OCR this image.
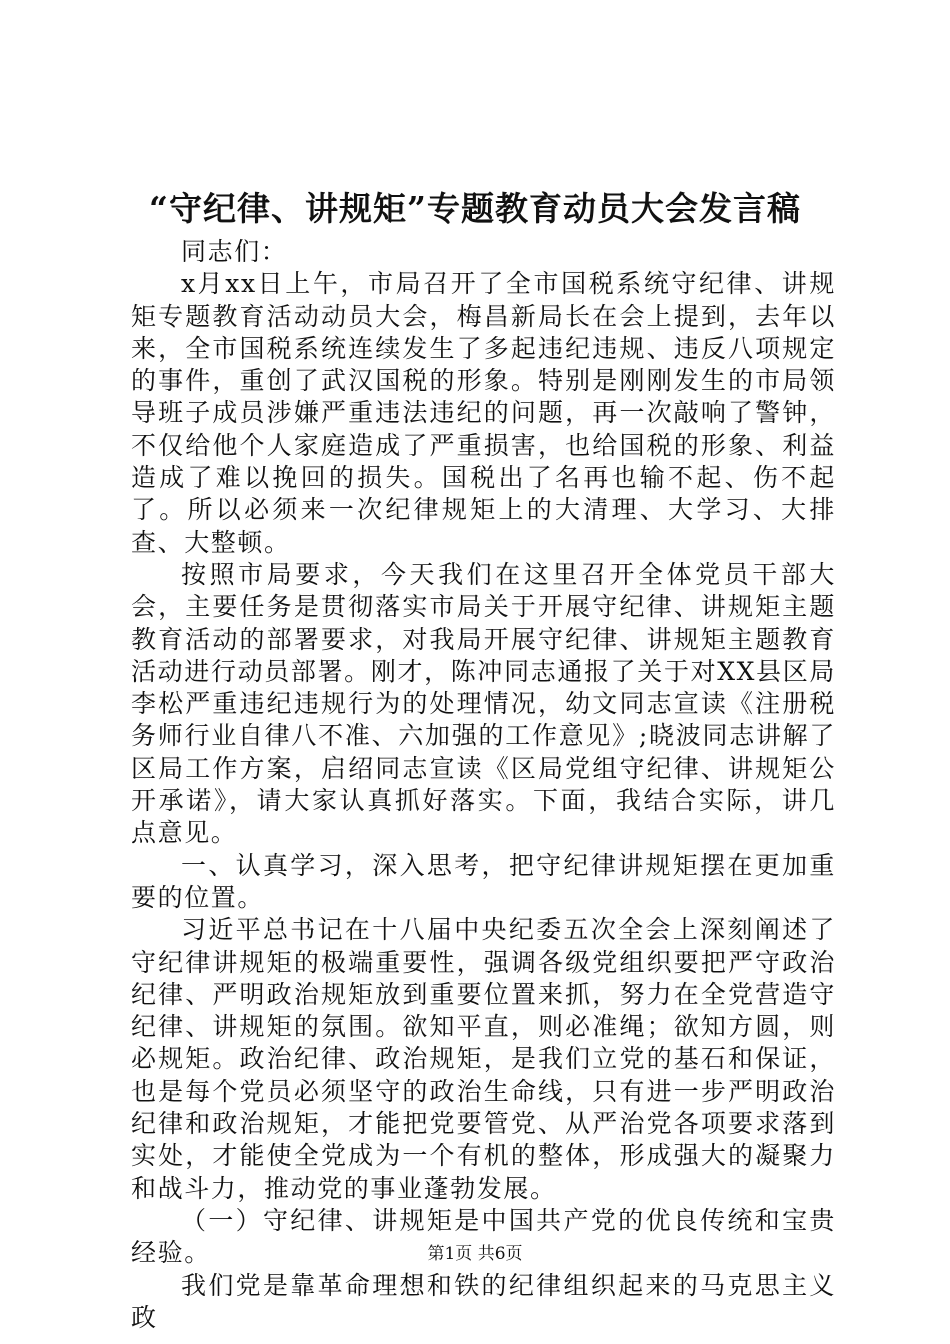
“守纪律、讲规矩”专题教育动员大会发言稿

同志们：

x月xx日上午，市局召开了全市国税系统守纪律、讲规矩专题教育活动动员大会，梅昌新局长在会上提到，去年以来，全市国税系统连续发生了多起违纪违规、违反八项规定的事件，重创了武汉国税的形象。特别是刚刚发生的市局领导班子成员涉嫌严重违法违纪的问题，再一次敲响了警钟，不仅给他个人家庭造成了严重损害，也给国税的形象、利益造成了难以挽回的损失。国税出了名再也输不起、伤不起了。所以必须来一次纪律规矩上的大清理、大学习、大排查、大整顿。

按照市局要求，今天我们在这里召开全体党员干部大会，主要任务是贯彻落实市局关于开展守纪律、讲规矩主题教育活动的部署要求，对我局开展守纪律、讲规矩主题教育活动进行动员部署。刚才，陈冲同志通报了关于对XX县区局李松严重违纪违规行为的处理情况，幼文同志宣读《注册税务师行业自律八不准、六加强的工作意见》;晓波同志讲解了区局工作方案，启绍同志宣读《区局党组守纪律、讲规矩公开承诺》，请大家认真抓好落实。下面，我结合实际，讲几点意见。

一、认真学习，深入思考，把守纪律讲规矩摆在更加重要的位置。

习近平总书记在十八届中央纪委五次全会上深刻阐述了守纪律讲规矩的极端重要性，强调各级党组织要把严守政治纪律、严明政治规矩放到重要位置来抓，努力在全党营造守纪律、讲规矩的氛围。欲知平直，则必准绳；欲知方圆，则必规矩。政治纪律、政治规矩，是我们立党的基石和保证，也是每个党员必须坚守的政治生命线，只有进一步严明政治纪律和政治规矩，才能把党要管党、从严治党各项要求落到实处，才能使全党成为一个有机的整体，形成强大的凝聚力和战斗力，推动党的事业蓬勃发展。

（一）守纪律、讲规矩是中国共产党的优良传统和宝贵经验。

我们党是靠革命理想和铁的纪律组织起来的马克思主义政

第1页 共6页
